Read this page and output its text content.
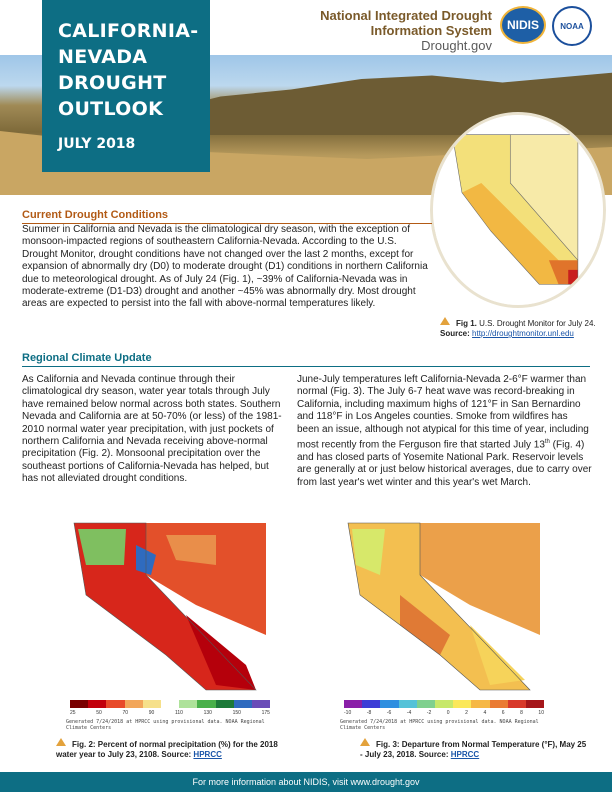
CALIFORNIA-NEVADA DROUGHT OUTLOOK
JULY 2018
National Integrated Drought
Information System
Drought.gov
NIDIS	NOAA
Current Drought Conditions
Summer in California and Nevada is the climatological dry season, with the exception of monsoon-impacted regions of southeastern California-Nevada. According to the U.S. Drought Monitor, drought conditions have not changed over the last 2 months, except for expansion of abnormally dry (D0) to moderate drought (D1) conditions in northern California due to meteorological drought. As of July 24 (Fig. 1), ~39% of California-Nevada was in moderate-extreme (D1-D3) drought and another ~45% was abnormally dry. Most drought areas are expected to persist into the fall with above-normal temperatures likely.
Fig 1. U.S. Drought Monitor for July 24.
Source: http://droughtmonitor.unl.edu
Regional Climate Update
As California and Nevada continue through their climatological dry season, water year totals through July have remained below normal across both states. Southern Nevada and California are at 50-70% (or less) of the 1981-2010 normal water year precipitation, with just pockets of northern California and Nevada receiving above-normal precipitation (Fig. 2). Monsoonal precipitation over the southeast portions of California-Nevada has helped, but has not alleviated drought conditions.
June-July temperatures left California-Nevada 2-6°F warmer than normal (Fig. 3). The July 6-7 heat wave was record-breaking in California, including maximum highs of 121°F in San Bernardino and 118°F in Los Angeles counties. Smoke from wildfires has been an issue, although not atypical for this time of year, including most recently from the Ferguson fire that started July 13th (Fig. 4) and has closed parts of Yosemite National Park. Reservoir levels are generally at or just below historical averages, due to carry over from last year's wet winter and this year's wet March.
25	50	70	90	110	130	150	175
Generated 7/24/2018 at HPRCC using provisional data. NOAA Regional Climate Centers
Fig. 2: Percent of normal precipitation (%) for the 2018 water year to July 23, 2108. Source: HPRCC
-10	-8	-6	-4	-2	0	2	4	6	8	10
Generated 7/24/2018 at HPRCC using provisional data. NOAA Regional Climate Centers
Fig. 3: Departure from Normal Temperature (°F), May 25 - July 23, 2018. Source: HPRCC
For more information about NIDIS, visit www.drought.gov
